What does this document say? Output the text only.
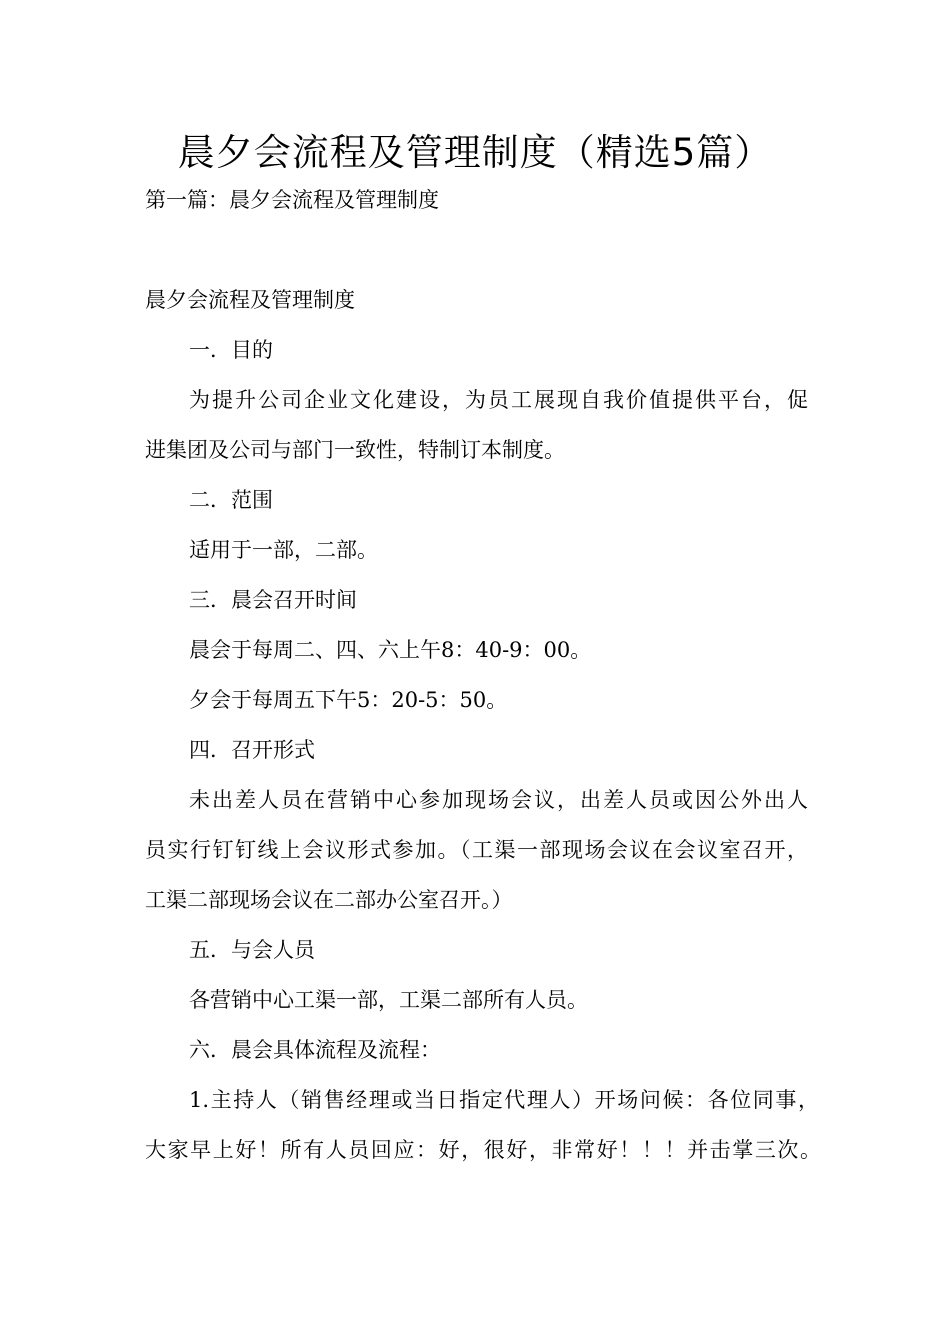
晨夕会流程及管理制度（精选5篇）
第一篇：晨夕会流程及管理制度
晨夕会流程及管理制度
一．目的
为提升公司企业文化建设，为员工展现自我价值提供平台，促
进集团及公司与部门一致性，特制订本制度。
二．范围
适用于一部，二部。
三．晨会召开时间
晨会于每周二、四、六上午8：40-9：00。
夕会于每周五下午5：20-5：50。
四．召开形式
未出差人员在营销中心参加现场会议，出差人员或因公外出人
员实行钉钉线上会议形式参加。（工渠一部现场会议在会议室召开，
工渠二部现场会议在二部办公室召开。）
五．与会人员
各营销中心工渠一部，工渠二部所有人员。
六．晨会具体流程及流程：
1.主持人（销售经理或当日指定代理人）开场问候：各位同事，
大家早上好！所有人员回应：好，很好，非常好！！！并击掌三次。
